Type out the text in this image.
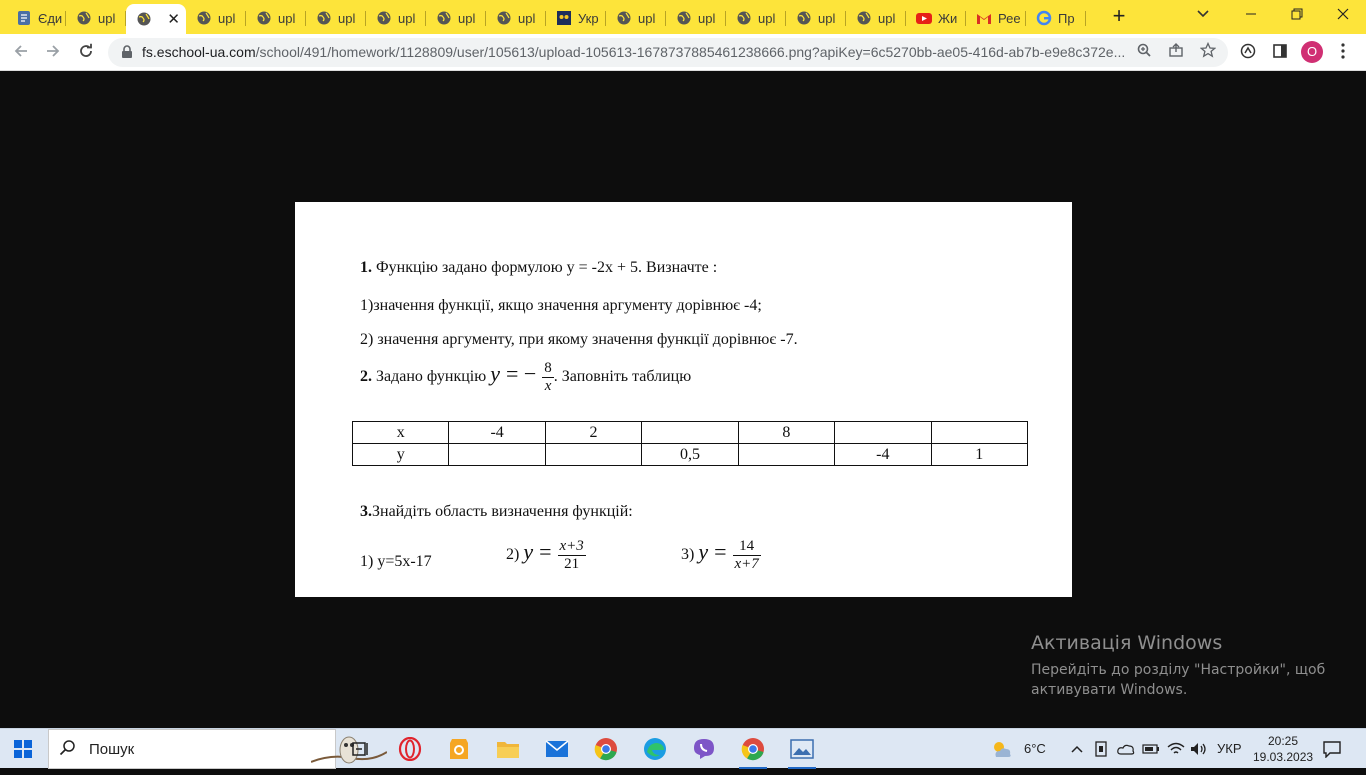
Єди	upl	✕	upl	upl	upl	upl	upl	upl	Укр	upl	upl	upl	upl	upl	Жи	Рее	Пр	+
fs.eschool-ua.com/school/491/homework/1128809/user/105613/upload-105613-1678737885461238666.png?apiKey=6c5270bb-ae05-416d-ab7b-e9e8c372e...	O
1. Функцію задано формулою y = -2x + 5. Визначте :
1)значення функції, якщо значення аргументу дорівнює -4;
2) значення аргументу, при якому значення функції дорівнює -7.
2. Задано функцію y = − $\frac{8}{x}$ . Заповніть таблицю
x	-4	2		8		
y			0,5		-4	1
3.Знайдіть область визначення функцій:
1) y=5x-17	2) $y = \frac{x+3}{21}$	3) $y = \frac{14}{x+7}$
Активація Windows
Перейдіть до розділу "Настройки", щоб
активувати Windows.
Пошук	6°C	УКР	20:25
19.03.2023
